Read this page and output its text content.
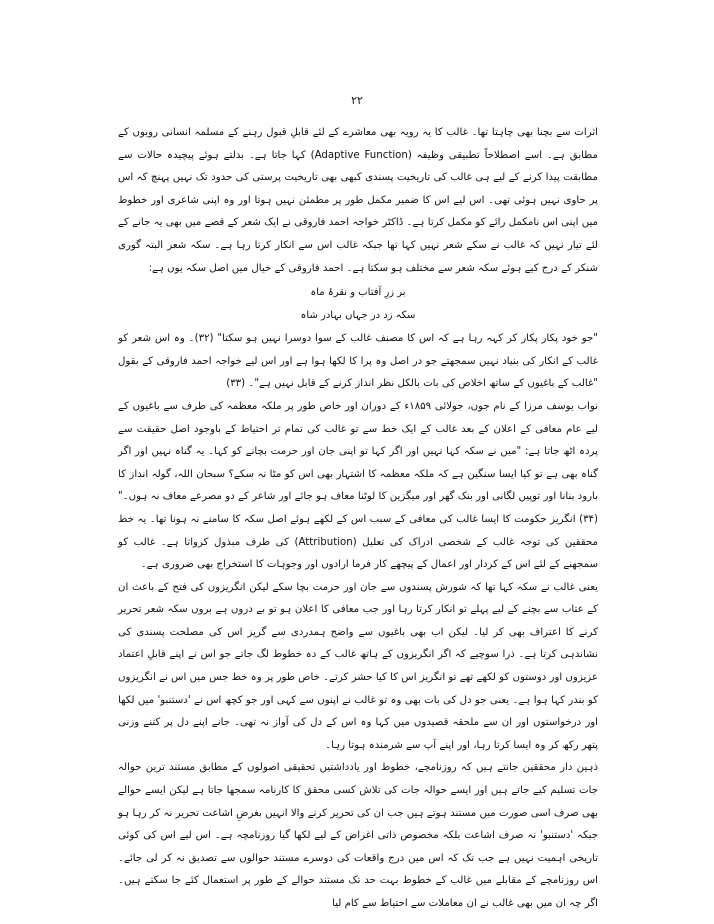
۲۲

اثرات سے بچنا بھی چاہتا تھا۔ غالب کا یہ رویہ بھی معاشرے کے لئے قابلِ قبول رہنے کے مسلمہ انسانی رویوں کے مطابق ہے۔ اسے اصطلاحاً تطبیقی وظیفہ (Adaptive Function) کہا جاتا ہے۔ بدلتے ہوئے پیچیدہ حالات سے مطابقت پیدا کرنے کے لیے ہی غالب کی تاریخیت پسندی کبھی بھی تاریخیت پرستی کی حدود تک نہیں پہنچ کہ اس پر حاوی نہیں ہوئی تھی۔ اس لیے اس کا ضمیر مکمل طور پر مطمئن نہیں ہوتا اور وہ اپنی شاعری اور خطوط میں اپنی اس نامکمل رائے کو مکمل کرتا ہے۔ ڈاکٹر خواجہ احمد فاروقی نے ایک شعر کے قصے میں بھی یہ جانے کے لئے تیار نہیں کہ غالب نے سکے شعر نہیں کہا تھا جبکہ غالب اس سے انکار کرتا رہا ہے۔ سکہ شعر البتہ گوری شنکر کے درج کیے ہوئے سکہ شعر سے مختلف ہو سکتا ہے۔ احمد فاروقی کے خیال میں اصل سکہ یوں ہے:

بر زرِ آفتاب و نقرۂ ماہ
سکہ زد در جہاں بہادر شاہ

"جو خود پکار پکار کر کہہ رہا ہے کہ اس کا مصنف غالب کے سوا دوسرا نہیں ہو سکتا" (۳۲)۔ وہ اس شعر کو غالب کے انکار کی بنیاد نہیں سمجھتے جو در اصل وہ پرا کا لکھا ہوا ہے اور اس لیے خواجہ احمد فاروقی کے بقول "غالب کے باغیوں کے ساتھ اخلاص کی بات بالکل نظر انداز کرنے کے قابل نہیں ہے"۔ (۳۳)

نواب یوسف مرزا کے نام جون، جولائی ۱۸۵۹ء کے دوران اور خاص طور پر ملکہ معظمہ کی طرف سے باغیوں کے لیے عام معافی کے اعلان کے بعد غالب کے ایک خط سے تو غالب کی تمام تر احتیاط کے باوجود اصل حقیقت سے پردہ اٹھ جاتا ہے: "میں نے سکہ کہا نہیں اور اگر کہا تو اپنی جان اور حرمت بچانے کو کہا۔ یہ گناہ نہیں اور اگر گناہ بھی ہے تو کیا ایسا سنگین ہے کہ ملکہ معظمہ کا اشتہار بھی اس کو مٹا نہ سکے؟ سبحان اللہ، گولہ انداز کا بارود بنانا اور توپیں لگانی اور بنک گھر اور میگزین کا لوٹنا معاف ہو جائے اور شاعر کے دو مصرعے معاف نہ ہوں۔" (۳۴) انگریز حکومت کا ایسا غالب کی معافی کے سبب اس کے لکھے ہوئے اصل سکہ کا سامنے نہ ہونا تھا۔ یہ خط محققین کی توجہ غالب کے شخصی ادراک کی تعلیل (Attribution) کی طرف مبذول کرواتا ہے۔ غالب کو سمجھنے کے لئے اس کے کردار اور اعمال کے پیچھے کار فرما ارادوں اور وجوہات کا استخراج بھی ضروری ہے۔

یعنی غالب نے سکہ کہا تھا کہ شورش پسندوں سے جان اور حرمت بچا سکے لیکن انگریزوں کی فتح کے باعث ان کے عتاب سے بچنے کے لیے پہلے تو انکار کرتا رہا اور جب معافی کا اعلان ہو تو بے دروں ہے بروں سکہ شعر تحریر کرنے کا اعتراف بھی کر لیا۔ لیکن اب بھی باغیوں سے واضح ہمدردی سے گریز اس کی مصلحت پسندی کی نشاندہی کرتا ہے۔ ذرا سوچیے کہ اگر انگریزوں کے ہاتھ غالب کے دہ خطوط لگ جاتے جو اس نے اپنے قابلِ اعتماد عزیزوں اور دوستوں کو لکھے تھے تو انگریز اس کا کیا حشر کرتے۔ خاص طور پر وہ خط جس میں اس نے انگریزوں کو بندر کہا ہوا ہے۔ یعنی جو دل کی بات بھی وہ تو غالب نے اپنوں سے کہی اور جو کچھ اس نے 'دستنبو' میں لکھا اور درخواستوں اور ان سے ملحقہ قصیدوں میں کہا وہ اس کے دل کی آواز نہ تھی۔ جانے اپنے دل پر کتنے وزنی پتھر رکھ کر وہ ایسا کرتا رہا، اور اپنے آپ سے شرمندہ ہوتا رہا۔

ذہین دار محققین جانتے ہیں کہ روزنامچے، خطوط اور یادداشتیں تحقیقی اصولوں کے مطابق مستند ترین حوالہ جات تسلیم کیے جاتے ہیں اور ایسے حوالہ جات کی تلاش کسی محقق کا کارنامہ سمجھا جاتا ہے لیکن ایسے حوالے بھی صرف اسی صورت میں مستند ہوتے ہیں جب ان کی تحریر کرنے والا انہیں بغرضِ اشاعت تحریر نہ کر رہا ہو جبکہ 'دستنبو' نہ صرف اشاعت بلکہ مخصوص ذاتی اغراض کے لیے لکھا گیا روزنامچہ ہے۔ اس لیے اس کی کوئی تاریخی اہمیت نہیں ہے جب تک کہ اس میں درج واقعات کی دوسرے مستند حوالوں سے تصدیق نہ کر لی جائے۔ اس روزنامچے کے مقابلے میں غالب کے خطوط بہت حد تک مستند حوالے کے طور پر استعمال کئے جا سکتے ہیں۔ اگر چہ ان میں بھی غالب نے ان معاملات سے احتیاط سے کام لیا
